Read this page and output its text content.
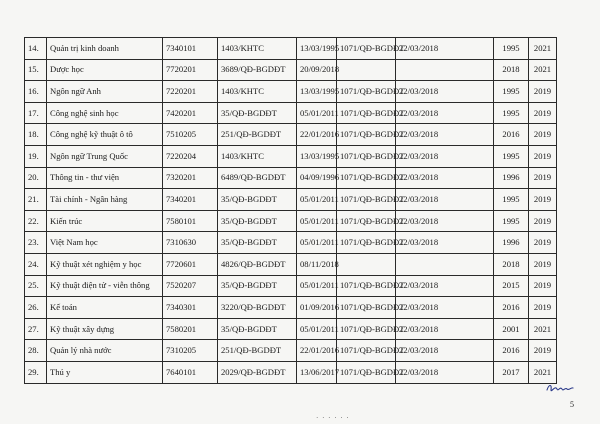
14.	Quản trị kinh doanh	7340101	1403/KHTC	13/03/1995	1071/QĐ-BGDĐT	22/03/2018	1995	2021
15.	Dược học	7720201	3689/QĐ-BGDĐT	20/09/2018			2018	2021
16.	Ngôn ngữ Anh	7220201	1403/KHTC	13/03/1995	1071/QĐ-BGDĐT	22/03/2018	1995	2019
17.	Công nghệ sinh học	7420201	35/QĐ-BGDĐT	05/01/2011	1071/QĐ-BGDĐT	22/03/2018	1995	2019
18.	Công nghệ kỹ thuật ô tô	7510205	251/QĐ-BGDĐT	22/01/2016	1071/QĐ-BGDĐT	22/03/2018	2016	2019
19.	Ngôn ngữ Trung Quốc	7220204	1403/KHTC	13/03/1995	1071/QĐ-BGDĐT	22/03/2018	1995	2019
20.	Thông tin - thư viện	7320201	6489/QĐ-BGDĐT	04/09/1996	1071/QĐ-BGDĐT	22/03/2018	1996	2019
21.	Tài chính - Ngân hàng	7340201	35/QĐ-BGDĐT	05/01/2011	1071/QĐ-BGDĐT	22/03/2018	1995	2019
22.	Kiến trúc	7580101	35/QĐ-BGDĐT	05/01/2011	1071/QĐ-BGDĐT	22/03/2018	1995	2019
23.	Việt Nam học	7310630	35/QĐ-BGDĐT	05/01/2011	1071/QĐ-BGDĐT	22/03/2018	1996	2019
24.	Kỹ thuật xét nghiệm y học	7720601	4826/QĐ-BGDĐT	08/11/2018			2018	2019
25.	Kỹ thuật điện tử - viễn thông	7520207	35/QĐ-BGDĐT	05/01/2011	1071/QĐ-BGDĐT	22/03/2018	2015	2019
26.	Kế toán	7340301	3220/QĐ-BGDĐT	01/09/2016	1071/QĐ-BGDĐT	22/03/2018	2016	2019
27.	Kỹ thuật xây dựng	7580201	35/QĐ-BGDĐT	05/01/2011	1071/QĐ-BGDĐT	22/03/2018	2001	2021
28.	Quản lý nhà nước	7310205	251/QĐ-BGDĐT	22/01/2016	1071/QĐ-BGDĐT	22/03/2018	2016	2019
29.	Thú y	7640101	2029/QĐ-BGDĐT	13/06/2017	1071/QĐ-BGDĐT	22/03/2018	2017	2021
5
· · · · · ·
